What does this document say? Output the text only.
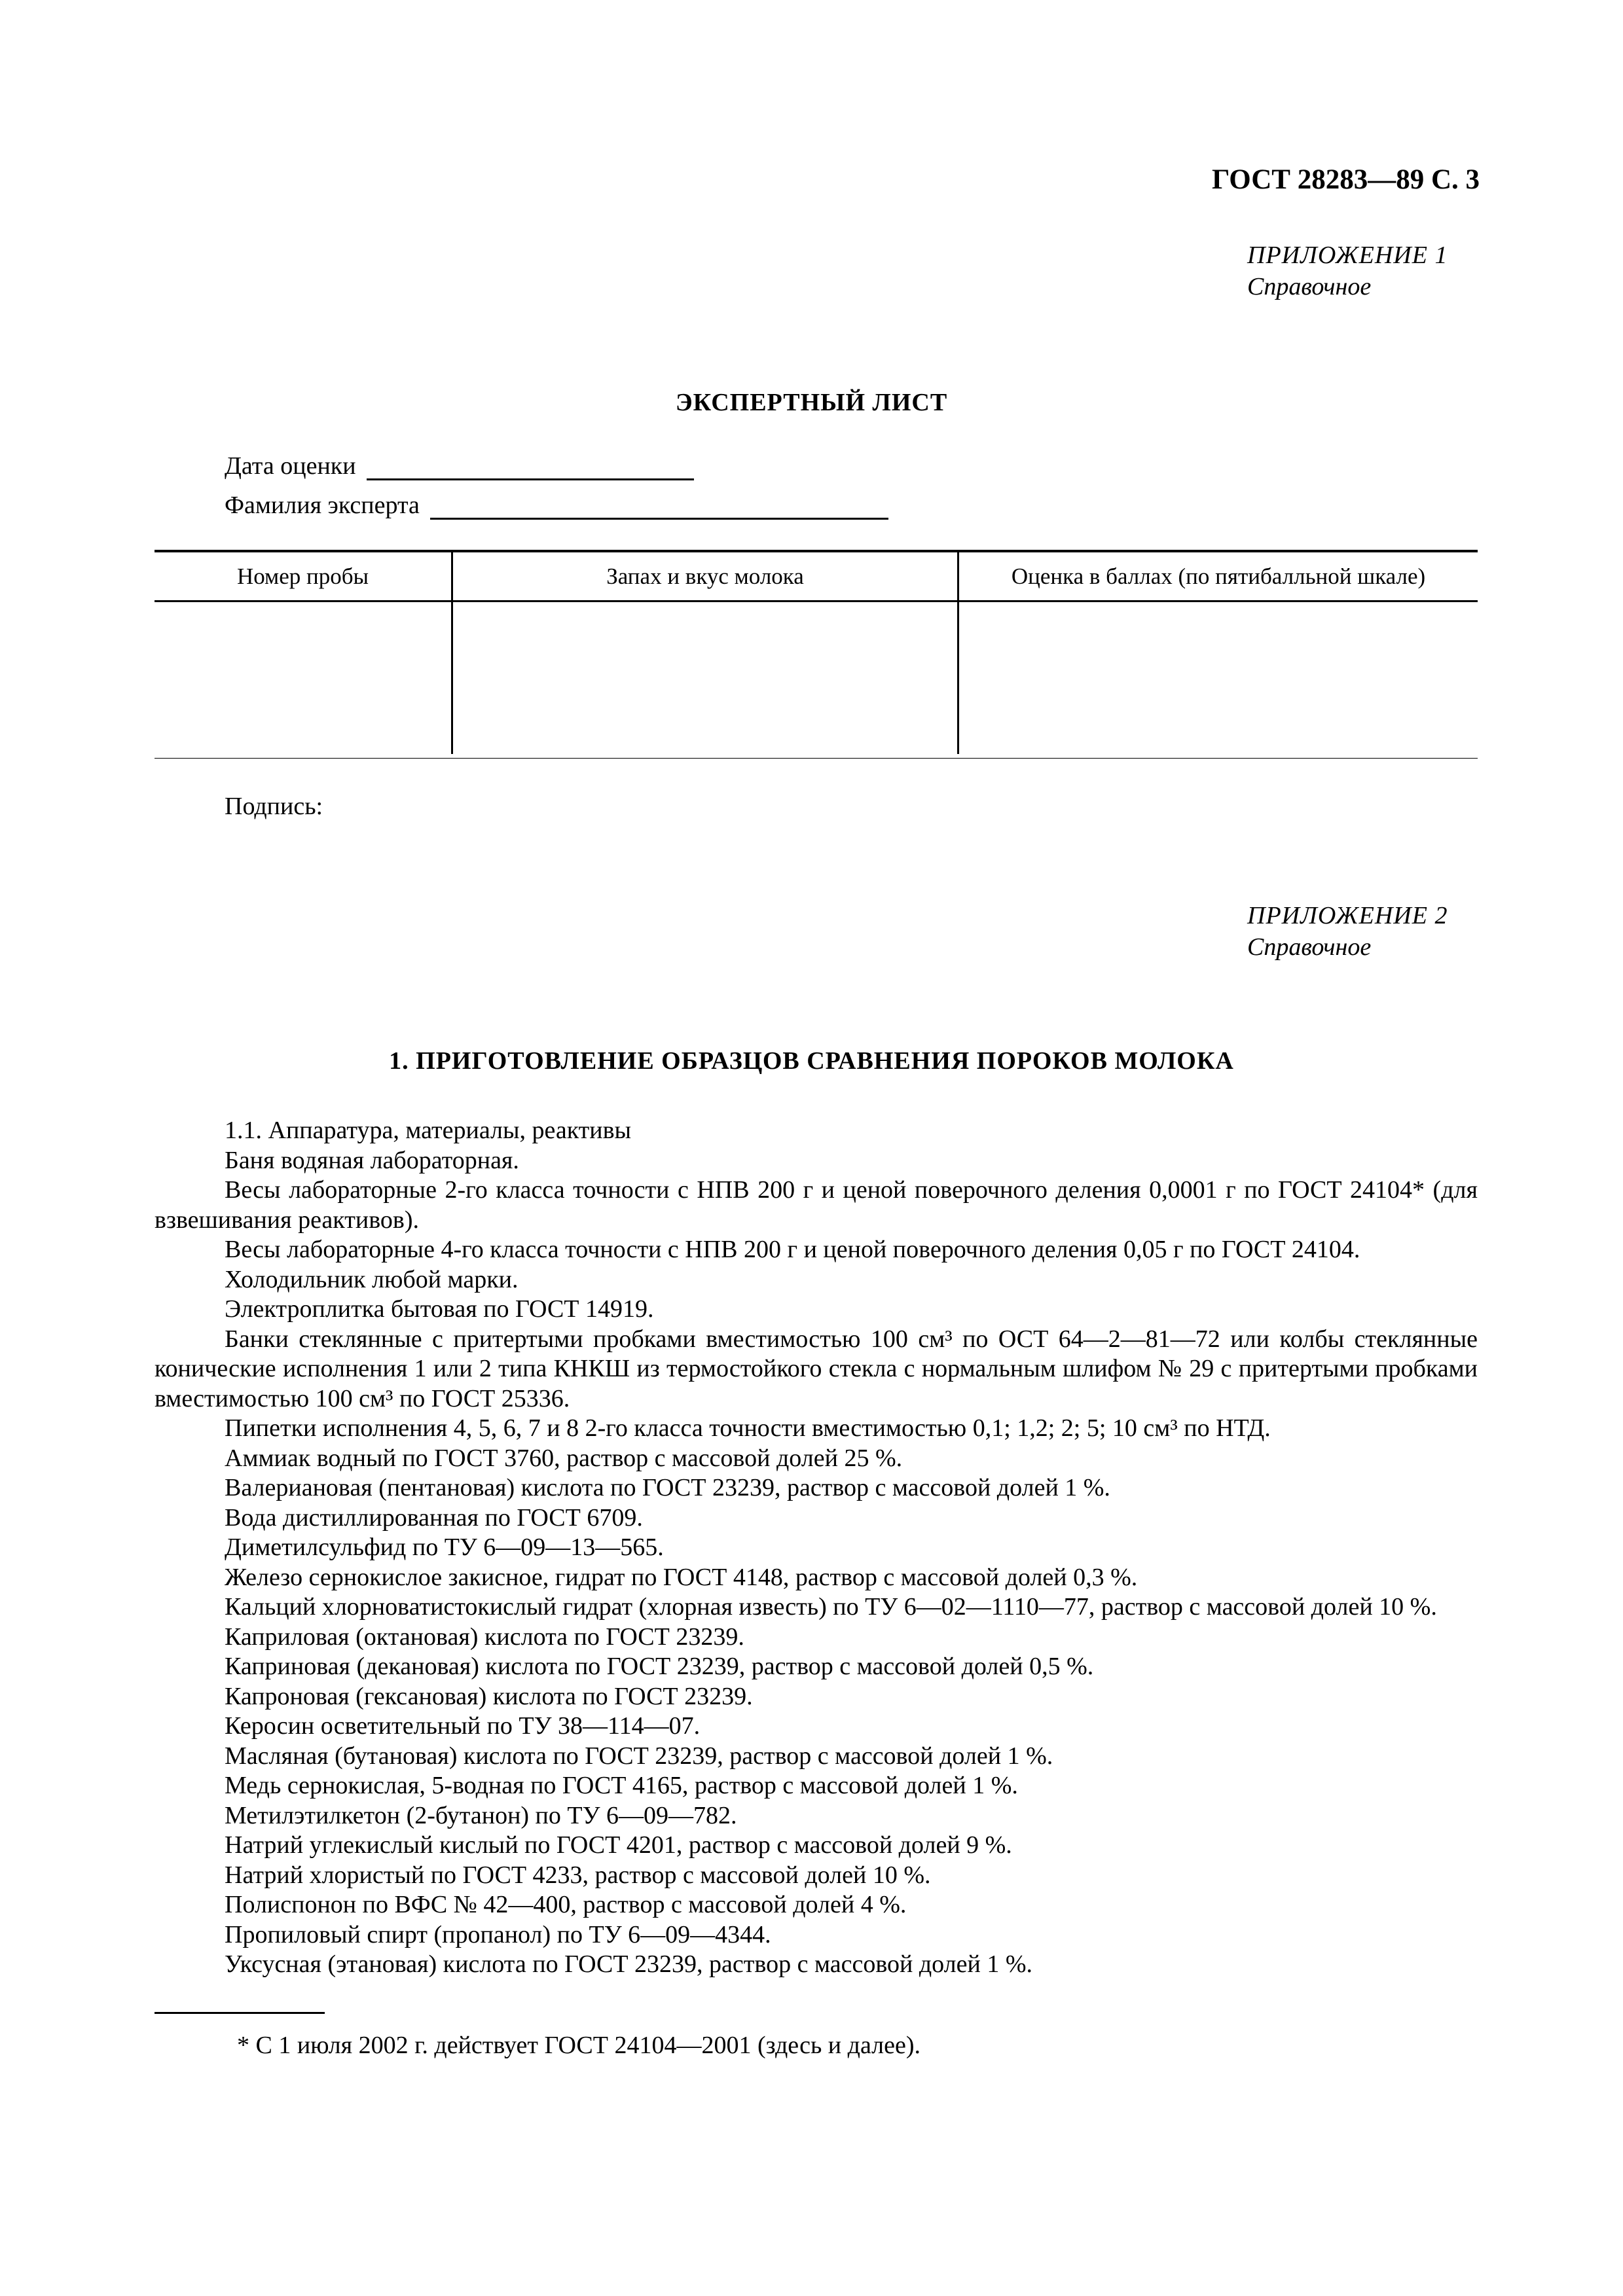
ГОСТ 28283—89 С. 3
ПРИЛОЖЕНИЕ 1
Справочное
ЭКСПЕРТНЫЙ ЛИСТ
Дата оценки
Фамилия эксперта
Номер пробы	Запах и вкус молока	Оценка в баллах (по пятибалльной шкале)
Подпись:
ПРИЛОЖЕНИЕ 2
Справочное
1. ПРИГОТОВЛЕНИЕ ОБРАЗЦОВ СРАВНЕНИЯ ПОРОКОВ МОЛОКА

1.1. Аппаратура, материалы, реактивы

Баня водяная лабораторная.

Весы лабораторные 2-го класса точности с НПВ 200 г и ценой поверочного деления 0,0001 г по ГОСТ 24104* (для взвешивания реактивов).

Весы лабораторные 4-го класса точности с НПВ 200 г и ценой поверочного деления 0,05 г по ГОСТ 24104.

Холодильник любой марки.

Электроплитка бытовая по ГОСТ 14919.

Банки стеклянные с притертыми пробками вместимостью 100 см³ по ОСТ 64—2—81—72 или колбы стеклянные конические исполнения 1 или 2 типа КНКШ из термостойкого стекла с нормальным шлифом № 29 с притертыми пробками вместимостью 100 см³ по ГОСТ 25336.

Пипетки исполнения 4, 5, 6, 7 и 8 2-го класса точности вместимостью 0,1; 1,2; 2; 5; 10 см³ по НТД.

Аммиак водный по ГОСТ 3760, раствор с массовой долей 25 %.

Валериановая (пентановая) кислота по ГОСТ 23239, раствор с массовой долей 1 %.

Вода дистиллированная по ГОСТ 6709.

Диметилсульфид по ТУ 6—09—13—565.

Железо сернокислое закисное, гидрат по ГОСТ 4148, раствор с массовой долей 0,3 %.

Кальций хлорноватистокислый гидрат (хлорная известь) по ТУ 6—02—1110—77, раствор с массовой долей 10 %.

Каприловая (октановая) кислота по ГОСТ 23239.

Каприновая (декановая) кислота по ГОСТ 23239, раствор с массовой долей 0,5 %.

Капроновая (гексановая) кислота по ГОСТ 23239.

Керосин осветительный по ТУ 38—114—07.

Масляная (бутановая) кислота по ГОСТ 23239, раствор с массовой долей 1 %.

Медь сернокислая, 5-водная по ГОСТ 4165, раствор с массовой долей 1 %.

Метилэтилкетон (2-бутанон) по ТУ 6—09—782.

Натрий углекислый кислый по ГОСТ 4201, раствор с массовой долей 9 %.

Натрий хлористый по ГОСТ 4233, раствор с массовой долей 10 %.

Полиспонон по ВФС № 42—400, раствор с массовой долей 4 %.

Пропиловый спирт (пропанол) по ТУ 6—09—4344.

Уксусная (этановая) кислота по ГОСТ 23239, раствор с массовой долей 1 %.

* С 1 июля 2002 г. действует ГОСТ 24104—2001 (здесь и далее).
